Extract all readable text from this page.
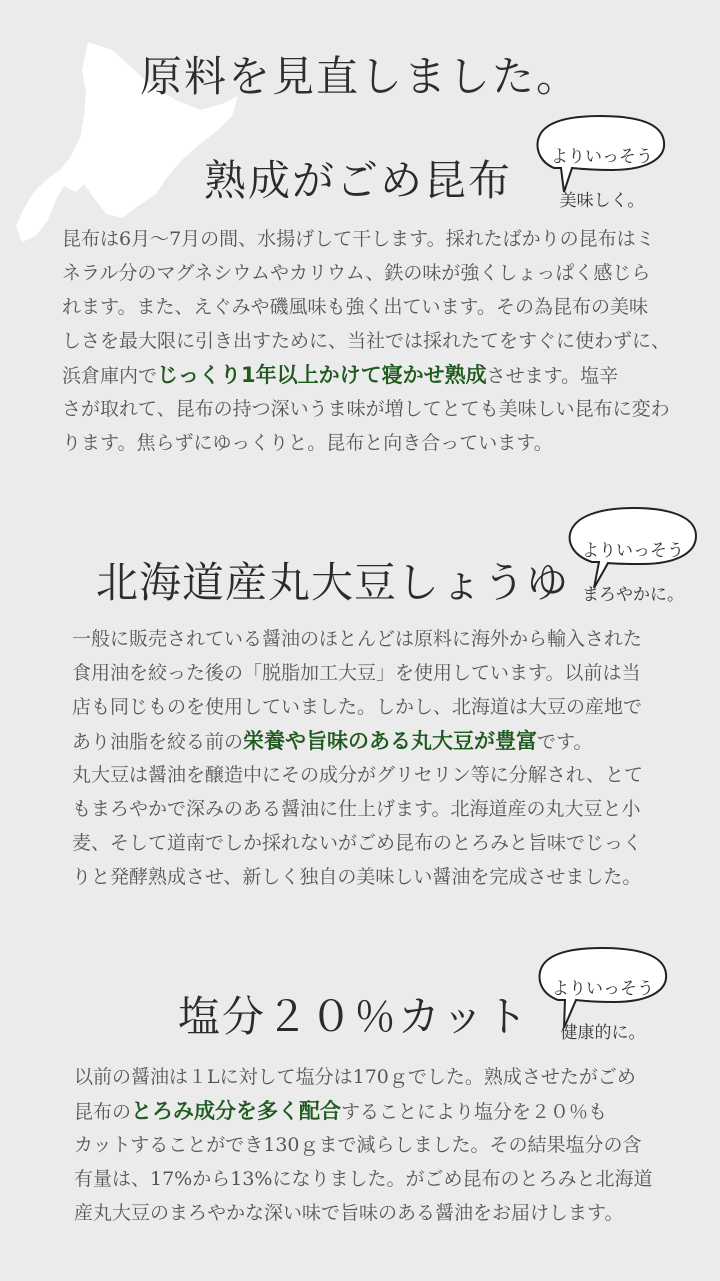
原料を見直しました。
熟成がごめ昆布	よりいっそう

美味しく。

昆布は6月～7月の間、水揚げして干します。採れたばかりの昆布はミ
ネラル分のマグネシウムやカリウム、鉄の味が強くしょっぱく感じら
れます。また、えぐみや磯風味も強く出ています。その為昆布の美味
しさを最大限に引き出すために、当社では採れたてをすぐに使わずに、
浜倉庫内でじっくり1年以上かけて寝かせ熟成させます。塩辛
さが取れて、昆布の持つ深いうま味が増してとても美味しい昆布に変わ
ります。焦らずにゆっくりと。昆布と向き合っています。
北海道産丸大豆しょうゆ

よりいっそう

まろやかに。

一般に販売されている醤油のほとんどは原料に海外から輸入された
食用油を絞った後の「脱脂加工大豆」を使用しています。以前は当
店も同じものを使用していました。しかし、北海道は大豆の産地で
あり油脂を絞る前の栄養や旨味のある丸大豆が豊富です。
丸大豆は醤油を醸造中にその成分がグリセリン等に分解され、とて
もまろやかで深みのある醤油に仕上げます。北海道産の丸大豆と小
麦、そして道南でしか採れないがごめ昆布のとろみと旨味でじっく
りと発酵熟成させ、新しく独自の美味しい醤油を完成させました。
塩分２０％カット

よりいっそう

健康的に。

以前の醤油は１Lに対して塩分は170ｇでした。熟成させたがごめ
昆布のとろみ成分を多く配合することにより塩分を２０％も
カットすることができ130ｇまで減らしました。その結果塩分の含
有量は、17%から13%になりました。がごめ昆布のとろみと北海道
産丸大豆のまろやかな深い味で旨味のある醤油をお届けします。
